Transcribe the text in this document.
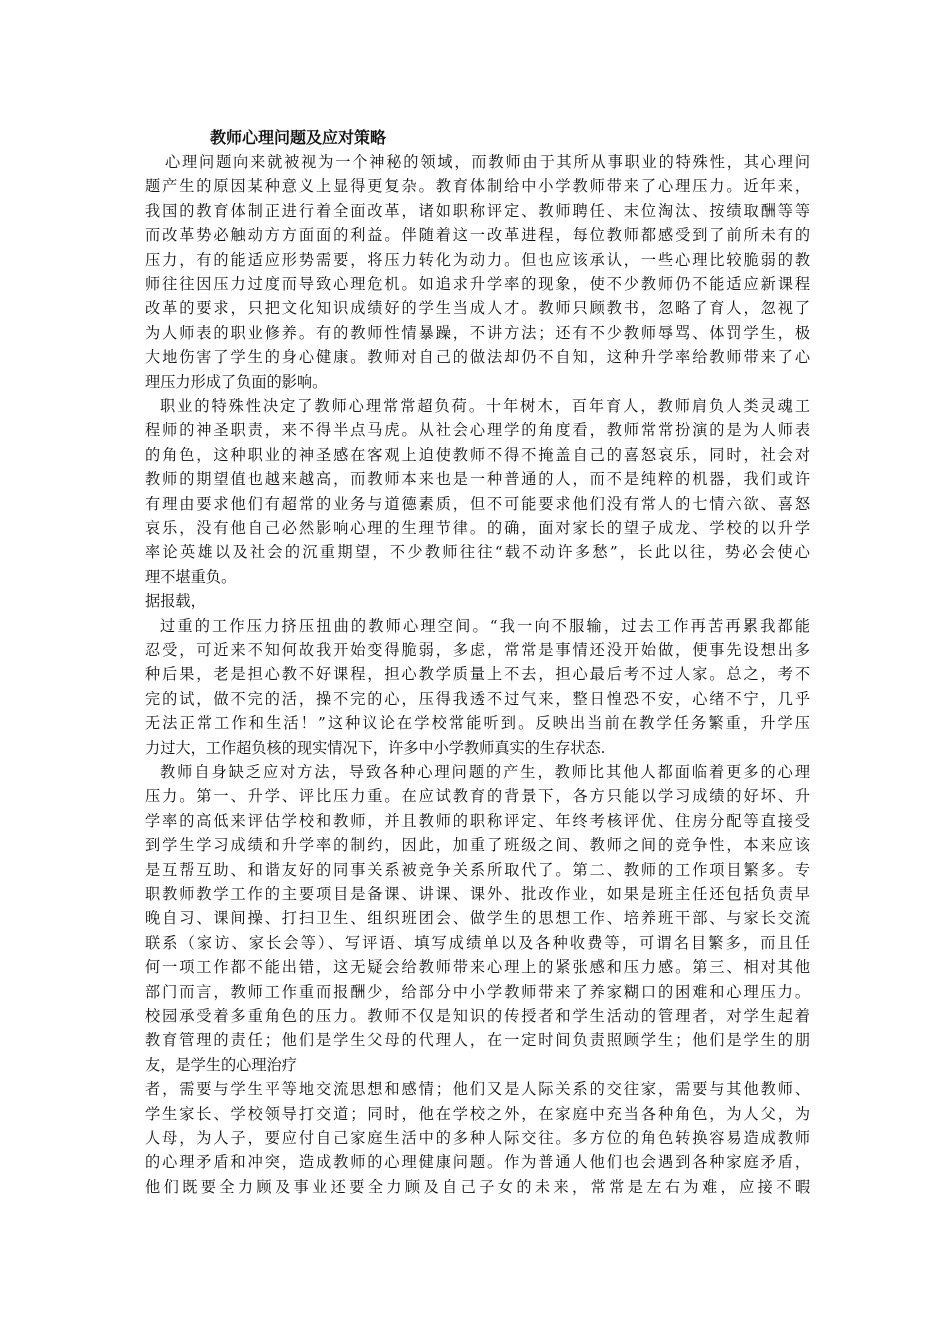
教师心理问题及应对策略
心理问题向来就被视为一个神秘的领域，而教师由于其所从事职业的特殊性，其心理问
题产生的原因某种意义上显得更复杂。教育体制给中小学教师带来了心理压力。近年来，
我国的教育体制正进行着全面改革，诸如职称评定、教师聘任、末位淘汰、按绩取酬等等
而改革势必触动方方面面的利益。伴随着这一改革进程，每位教师都感受到了前所未有的
压力，有的能适应形势需要，将压力转化为动力。但也应该承认，一些心理比较脆弱的教
师往往因压力过度而导致心理危机。如追求升学率的现象，使不少教师仍不能适应新课程
改革的要求，只把文化知识成绩好的学生当成人才。教师只顾教书，忽略了育人，忽视了
为人师表的职业修养。有的教师性情暴躁，不讲方法；还有不少教师辱骂、体罚学生，极
大地伤害了学生的身心健康。教师对自己的做法却仍不自知，这种升学率给教师带来了心
理压力形成了负面的影响。
职业的特殊性决定了教师心理常常超负荷。十年树木，百年育人，教师肩负人类灵魂工
程师的神圣职责，来不得半点马虎。从社会心理学的角度看，教师常常扮演的是为人师表
的角色，这种职业的神圣感在客观上迫使教师不得不掩盖自己的喜怒哀乐，同时，社会对
教师的期望值也越来越高，而教师本来也是一种普通的人，而不是纯粹的机器，我们或许
有理由要求他们有超常的业务与道德素质，但不可能要求他们没有常人的七情六欲、喜怒
哀乐，没有他自己必然影响心理的生理节律。的确，面对家长的望子成龙、学校的以升学
率论英雄以及社会的沉重期望，不少教师往往“载不动许多愁”，长此以往，势必会使心
理不堪重负。
据报载，
过重的工作压力挤压扭曲的教师心理空间。“我一向不服输，过去工作再苦再累我都能
忍受，可近来不知何故我开始变得脆弱，多虑，常常是事情还没开始做，便事先设想出多
种后果，老是担心教不好课程，担心教学质量上不去，担心最后考不过人家。总之，考不
完的试，做不完的活，操不完的心，压得我透不过气来，整日惶恐不安，心绪不宁，几乎
无法正常工作和生活！”这种议论在学校常能听到。反映出当前在教学任务繁重，升学压
力过大，工作超负核的现实情况下，许多中小学教师真实的生存状态.
教师自身缺乏应对方法，导致各种心理问题的产生，教师比其他人都面临着更多的心理
压力。第一、升学、评比压力重。在应试教育的背景下，各方只能以学习成绩的好坏、升
学率的高低来评估学校和教师，并且教师的职称评定、年终考核评优、住房分配等直接受
到学生学习成绩和升学率的制约，因此，加重了班级之间、教师之间的竞争性，本来应该
是互帮互助、和谐友好的同事关系被竞争关系所取代了。第二、教师的工作项目繁多。专
职教师教学工作的主要项目是备课、讲课、课外、批改作业，如果是班主任还包括负责早
晚自习、课间操、打扫卫生、组织班团会、做学生的思想工作、培养班干部、与家长交流
联系（家访、家长会等）、写评语、填写成绩单以及各种收费等，可谓名目繁多，而且任
何一项工作都不能出错，这无疑会给教师带来心理上的紧张感和压力感。第三、相对其他
部门而言，教师工作重而报酬少，给部分中小学教师带来了养家糊口的困难和心理压力。
校园承受着多重角色的压力。教师不仅是知识的传授者和学生活动的管理者，对学生起着
教育管理的责任；他们是学生父母的代理人，在一定时间负责照顾学生；他们是学生的朋
友，是学生的心理治疗
者，需要与学生平等地交流思想和感情；他们又是人际关系的交往家，需要与其他教师、
学生家长、学校领导打交道；同时，他在学校之外，在家庭中充当各种角色，为人父，为
人母，为人子，要应付自己家庭生活中的多种人际交往。多方位的角色转换容易造成教师
的心理矛盾和冲突，造成教师的心理健康问题。作为普通人他们也会遇到各种家庭矛盾，
他们既要全力顾及事业还要全力顾及自己子女的未来，常常是左右为难，应接不暇
